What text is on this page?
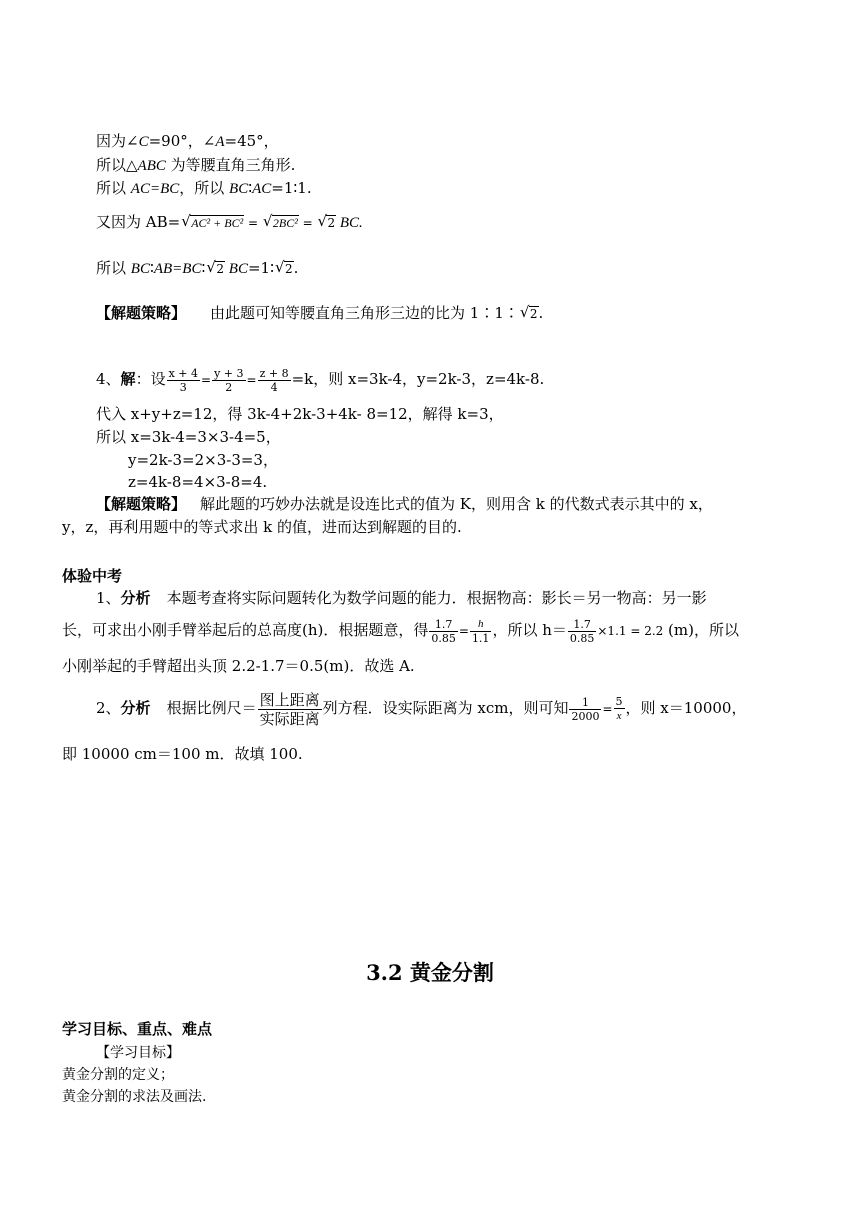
因为∠C=90°，∠A=45°，
所以△ABC 为等腰直角三角形.
所以 AC=BC，所以 BC∶AC=1∶1.
又因为 AB= √ AC² + BC² = √ 2BC² = √ 2 BC.
所以 BC∶AB=BC∶ √ 2 BC=1∶ √ 2.
【解题策略】 由此题可知等腰直角三角形三边的比为 1∶1∶ √ 2.
4、解：设 $\frac{x + 4}{3} = \frac{y + 3}{2} = \frac{z + 8}{4} =k$，则 x=3k-4，y=2k-3，z=4k-8.
代入 x+y+z=12，得 3k-4+2k-3+4k- 8=12，解得 k=3，
所以 x=3k-4=3×3-4=5，
y=2k-3=2×3-3=3，
z=4k-8=4×3-8=4.
【解题策略】 解此题的巧妙办法就是设连比式的值为 K，则用含 k 的代数式表示其中的 x，
y，z，再利用题中的等式求出 k 的值，进而达到解题的目的.
体验中考
1、分析 本题考查将实际问题转化为数学问题的能力．根据物高：影长＝另一物高：另一影
长，可求出小刚手臂举起后的总高度(h)．根据题意，得 $\frac{1.7}{0.85} = \frac{h}{1.1}$ ，所以 $h= \frac{1.7}{0.85} \times 1.1 = 2.2$ (m)，所以
小刚举起的手臂超出头顶 2.2-1.7＝0.5(m)．故选 A.
2、分析 根据比例尺＝ $\frac{\text{图上距离}}{\text{实际距离}}$ 列方程．设实际距离为 xcm，则可知 $\frac{1}{2000} = \frac{5}{x}$ ，则 x＝10000，
即 10000 cm＝100 m．故填 100.
3.2 黄金分割
学习目标、重点、难点
【学习目标】
黄金分割的定义；
黄金分割的求法及画法.
